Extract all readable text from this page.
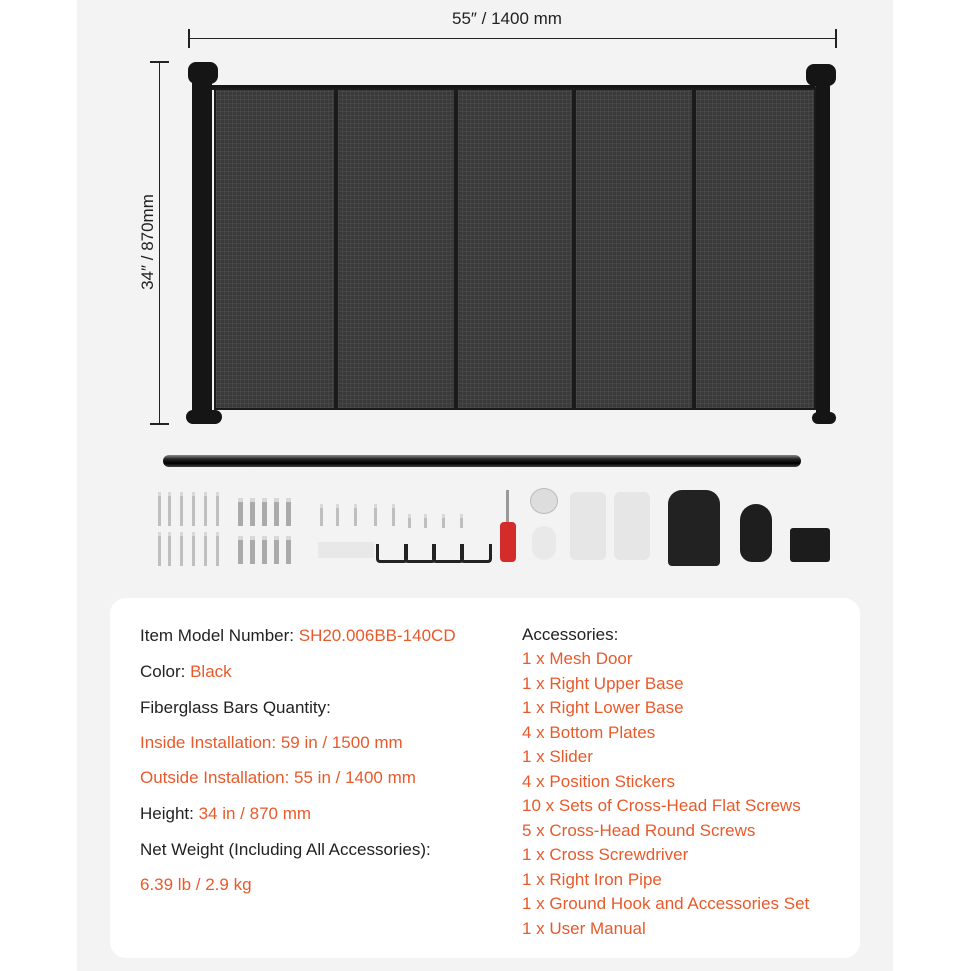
55″ / 1400 mm
34″ / 870mm
Item Model Number: SH20.006BB-140CD
Color: Black
Fiberglass Bars Quantity:
Inside Installation: 59 in / 1500 mm
Outside Installation: 55 in / 1400 mm
Height: 34 in / 870 mm
Net Weight (Including All Accessories):
6.39 lb / 2.9 kg
Accessories:
1 x Mesh Door
1 x Right Upper Base
1 x Right Lower Base
4 x Bottom Plates
1 x Slider
4 x Position Stickers
10 x Sets of Cross-Head Flat Screws
5 x Cross-Head Round Screws
1 x Cross Screwdriver
1 x Right Iron Pipe
1 x Ground Hook and Accessories Set
1 x User Manual
